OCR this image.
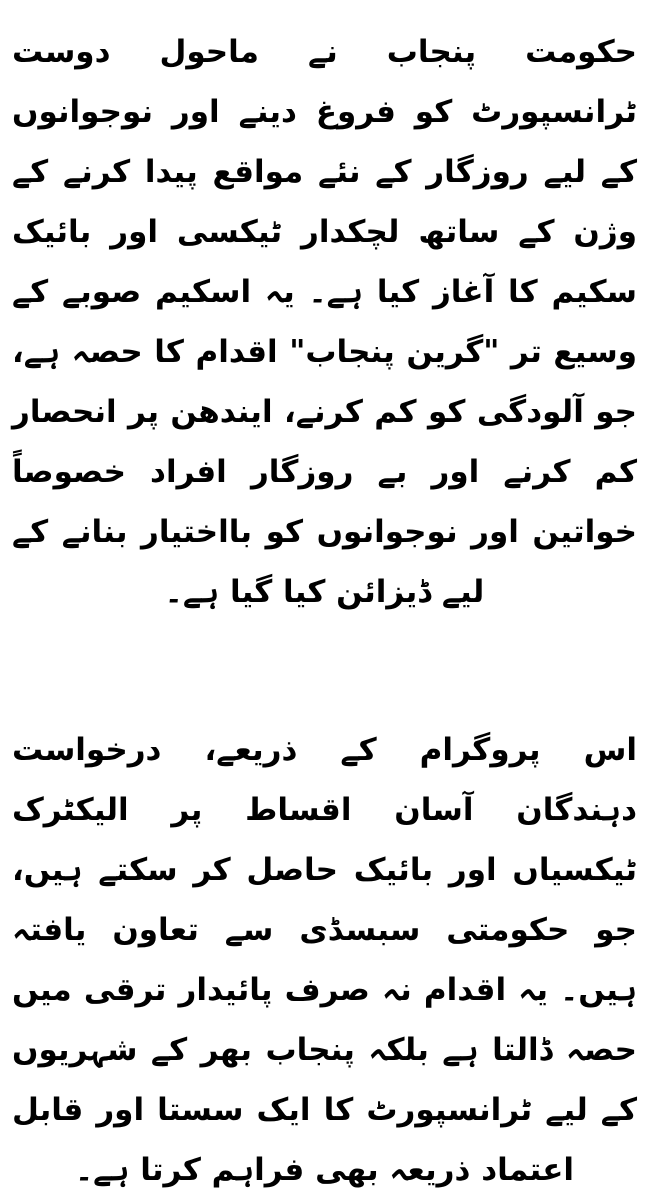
حکومت پنجاب نے ماحول دوست ٹرانسپورٹ کو فروغ دینے اور نوجوانوں کے لیے روزگار کے نئے مواقع پیدا کرنے کے وژن کے ساتھ لچکدار ٹیکسی اور بائیک سکیم کا آغاز کیا ہے۔ یہ اسکیم صوبے کے وسیع تر "گرین پنجاب" اقدام کا حصہ ہے، جو آلودگی کو کم کرنے، ایندھن پر انحصار کم کرنے اور بے روزگار افراد خصوصاً خواتین اور نوجوانوں کو بااختیار بنانے کے لیے ڈیزائن کیا گیا ہے۔

اس پروگرام کے ذریعے، درخواست دہندگان آسان اقساط پر الیکٹرک ٹیکسیاں اور بائیک حاصل کر سکتے ہیں، جو حکومتی سبسڈی سے تعاون یافتہ ہیں۔ یہ اقدام نہ صرف پائیدار ترقی میں حصہ ڈالتا ہے بلکہ پنجاب بھر کے شہریوں کے لیے ٹرانسپورٹ کا ایک سستا اور قابل اعتماد ذریعہ بھی فراہم کرتا ہے۔
